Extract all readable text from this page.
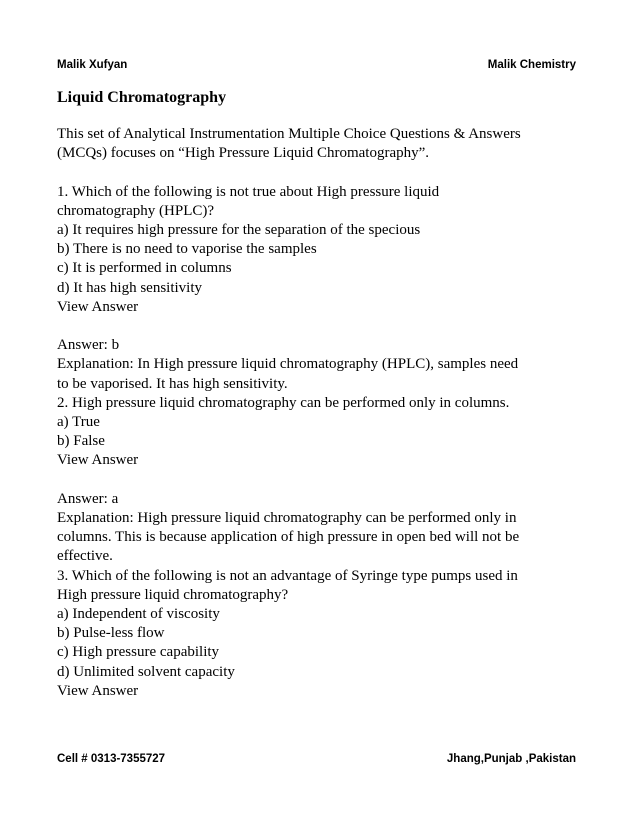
Malik Xufyan	Malik Chemistry
Liquid Chromatography
This set of Analytical Instrumentation Multiple Choice Questions & Answers
(MCQs) focuses on “High Pressure Liquid Chromatography”.
1. Which of the following is not true about High pressure liquid
chromatography (HPLC)?
a) It requires high pressure for the separation of the specious
b) There is no need to vaporise the samples
c) It is performed in columns
d) It has high sensitivity
View Answer
Answer: b
Explanation: In High pressure liquid chromatography (HPLC), samples need
to be vaporised. It has high sensitivity.
2. High pressure liquid chromatography can be performed only in columns.
a) True
b) False
View Answer
Answer: a
Explanation: High pressure liquid chromatography can be performed only in
columns. This is because application of high pressure in open bed will not be
effective.
3. Which of the following is not an advantage of Syringe type pumps used in
High pressure liquid chromatography?
a) Independent of viscosity
b) Pulse-less flow
c) High pressure capability
d) Unlimited solvent capacity
View Answer
Cell # 0313-7355727	Jhang,Punjab ,Pakistan
